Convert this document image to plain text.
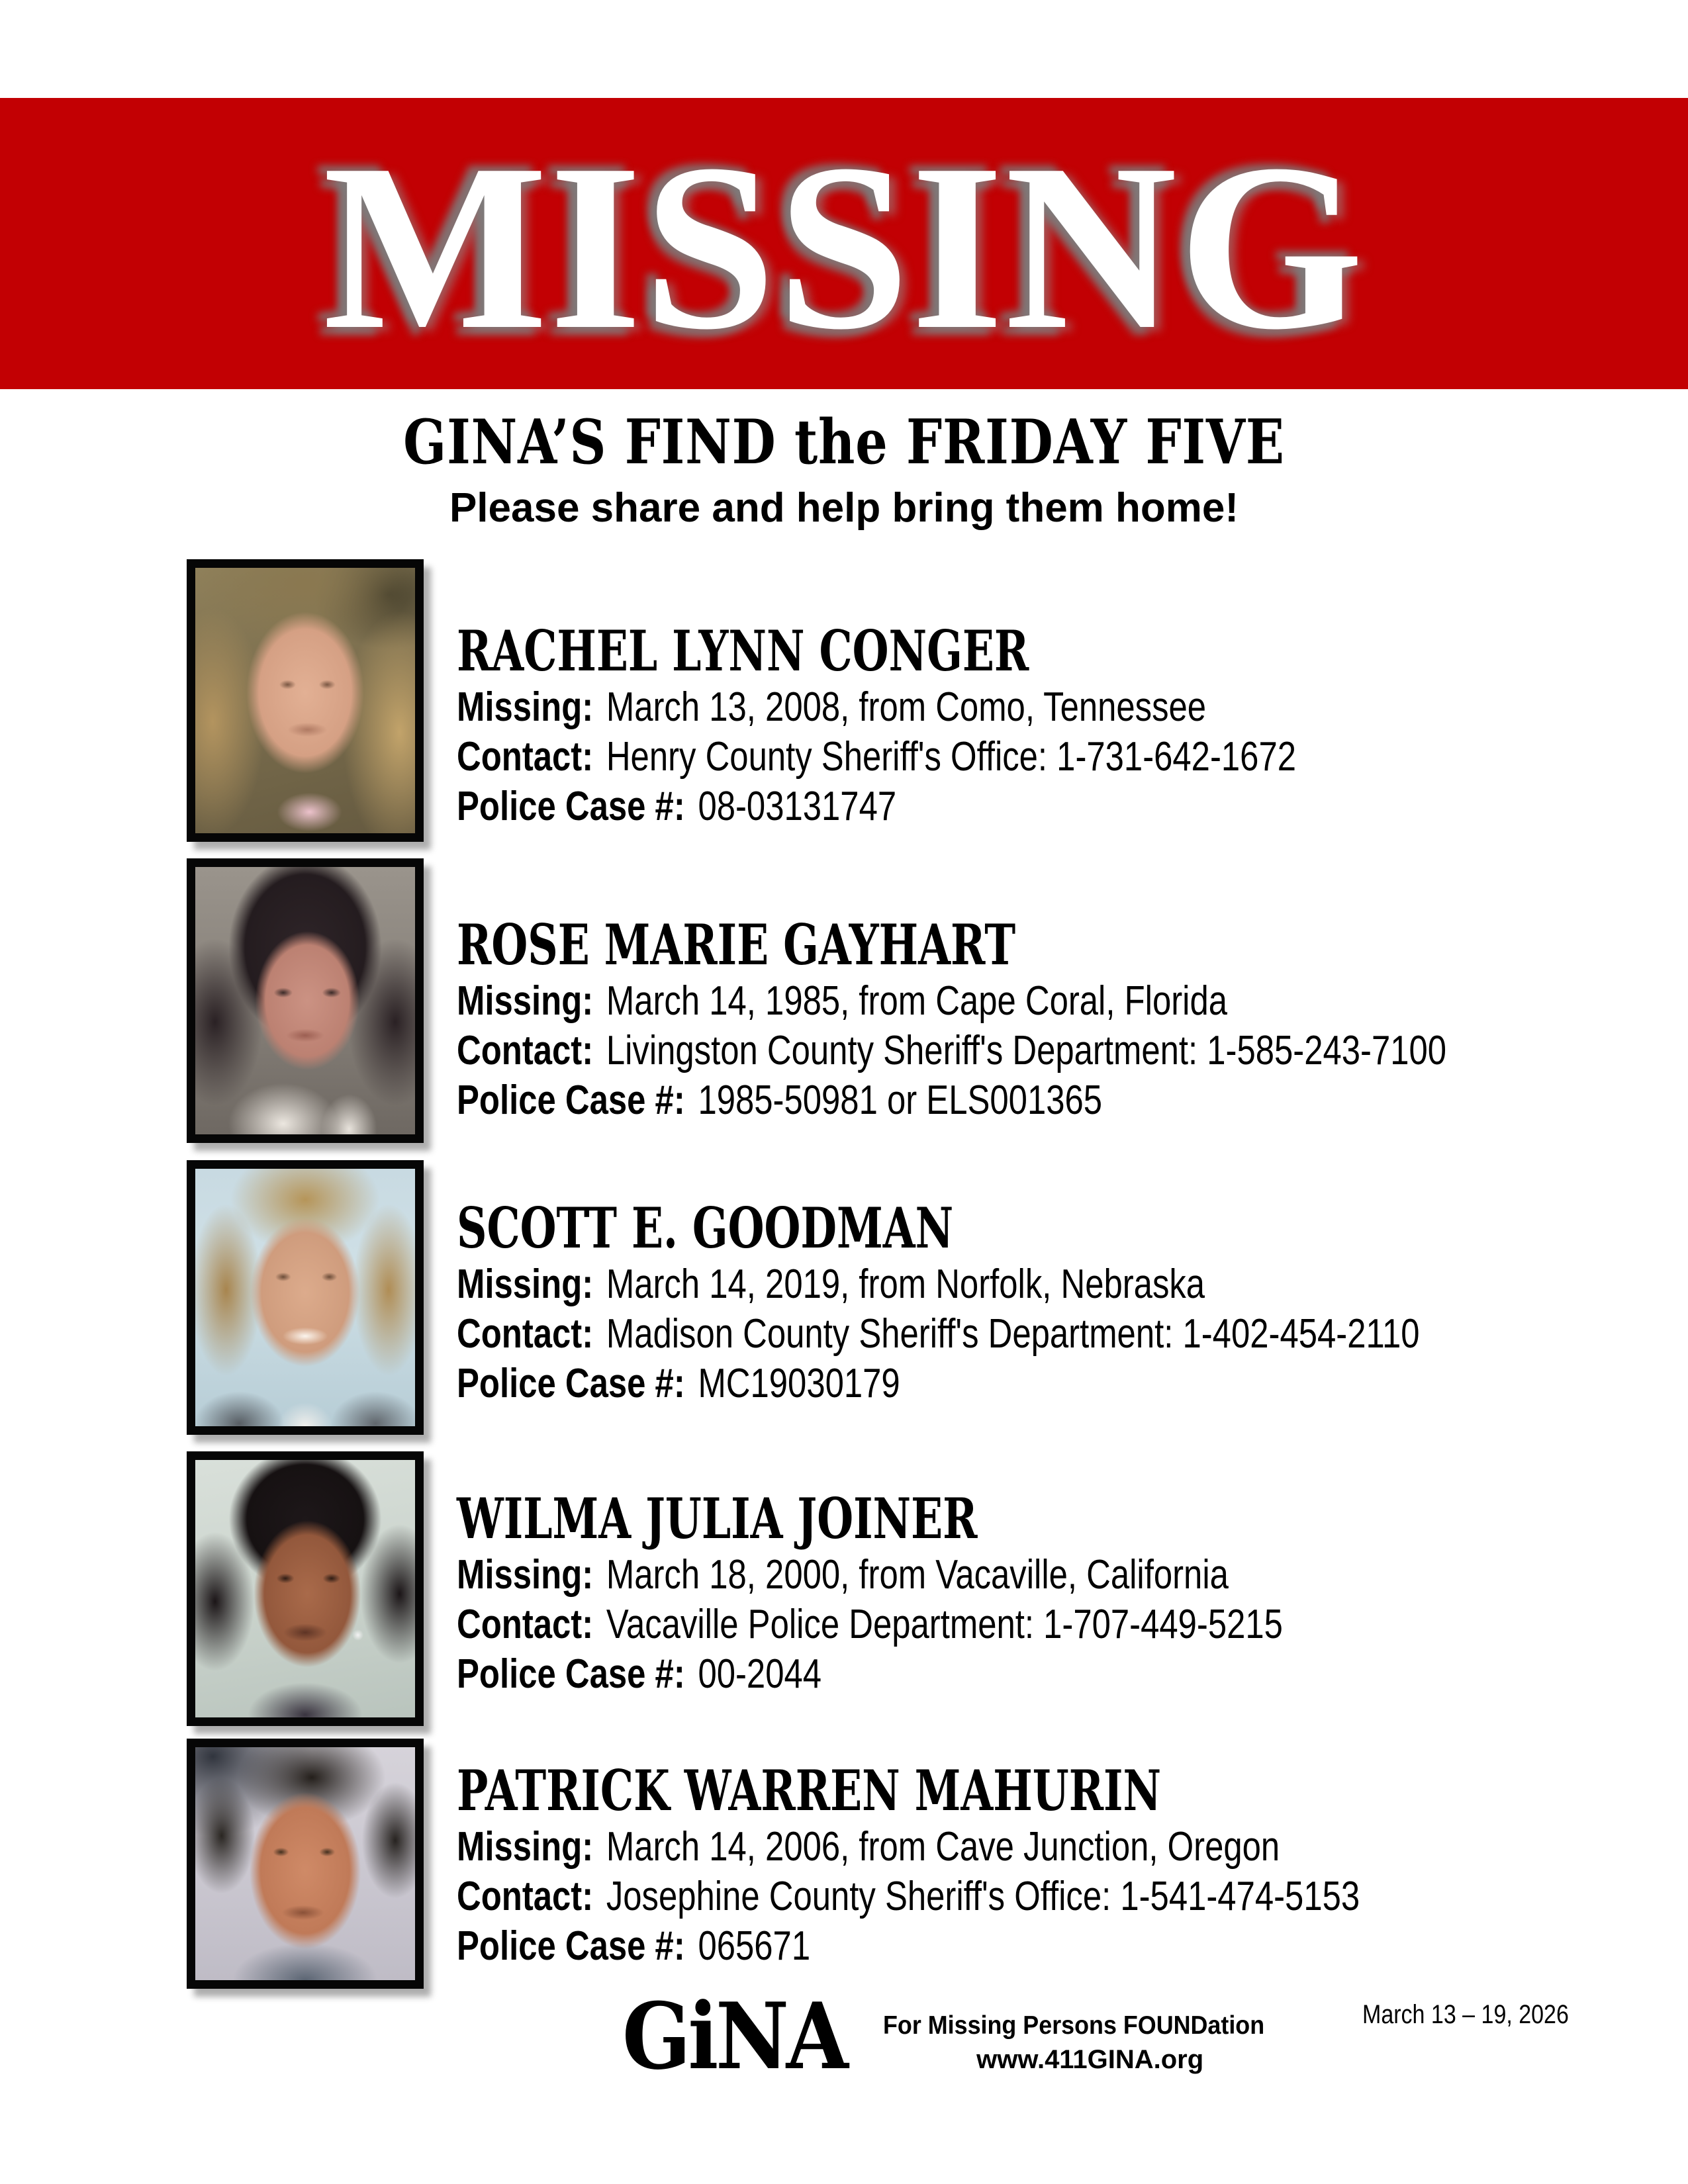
MISSING
GINA’S FIND the FRIDAY FIVE
Please share and help bring them home!
RACHEL LYNN CONGER
Missing: March 13, 2008, from Como, Tennessee
Contact: Henry County Sheriff's Office: 1-731-642-1672
Police Case #: 08-03131747
ROSE MARIE GAYHART
Missing: March 14, 1985, from Cape Coral, Florida
Contact: Livingston County Sheriff's Department: 1-585-243-7100
Police Case #: 1985-50981 or ELS001365
SCOTT E. GOODMAN
Missing: March 14, 2019, from Norfolk, Nebraska
Contact: Madison County Sheriff's Department: 1-402-454-2110
Police Case #: MC19030179
WILMA JULIA JOINER
Missing: March 18, 2000, from Vacaville, California
Contact: Vacaville Police Department: 1-707-449-5215
Police Case #: 00-2044
PATRICK WARREN MAHURIN
Missing: March 14, 2006, from Cave Junction, Oregon
Contact: Josephine County Sheriff's Office: 1-541-474-5153
Police Case #: 065671
GiNA For Missing Persons FOUNDation
www.411GINA.org
March 13 – 19, 2026
